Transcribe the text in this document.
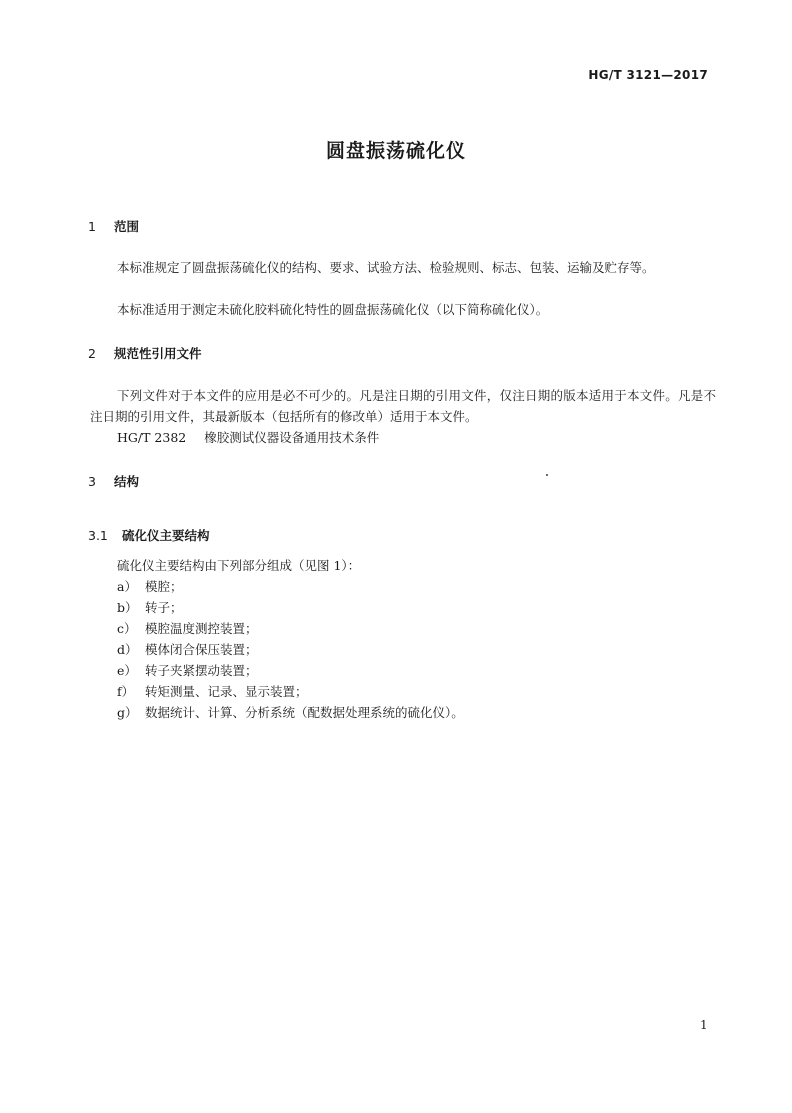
HG/T 3121—2017
圆盘振荡硫化仪
1 范围
本标准规定了圆盘振荡硫化仪的结构、要求、试验方法、检验规则、标志、包装、运输及贮存等。
本标准适用于测定未硫化胶料硫化特性的圆盘振荡硫化仪（以下简称硫化仪）。
2 规范性引用文件
下列文件对于本文件的应用是必不可少的。凡是注日期的引用文件，仅注日期的版本适用于本文件。凡是不注日期的引用文件，其最新版本（包括所有的修改单）适用于本文件。
HG/T 2382 橡胶测试仪器设备通用技术条件
3 结构
3.1 硫化仪主要结构
硫化仪主要结构由下列部分组成（见图 1）：
a） 模腔；
b） 转子；
c） 模腔温度测控装置；
d） 模体闭合保压装置；
e） 转子夹紧摆动装置；
f） 转矩测量、记录、显示装置；
g） 数据统计、计算、分析系统（配数据处理系统的硫化仪）。
1
